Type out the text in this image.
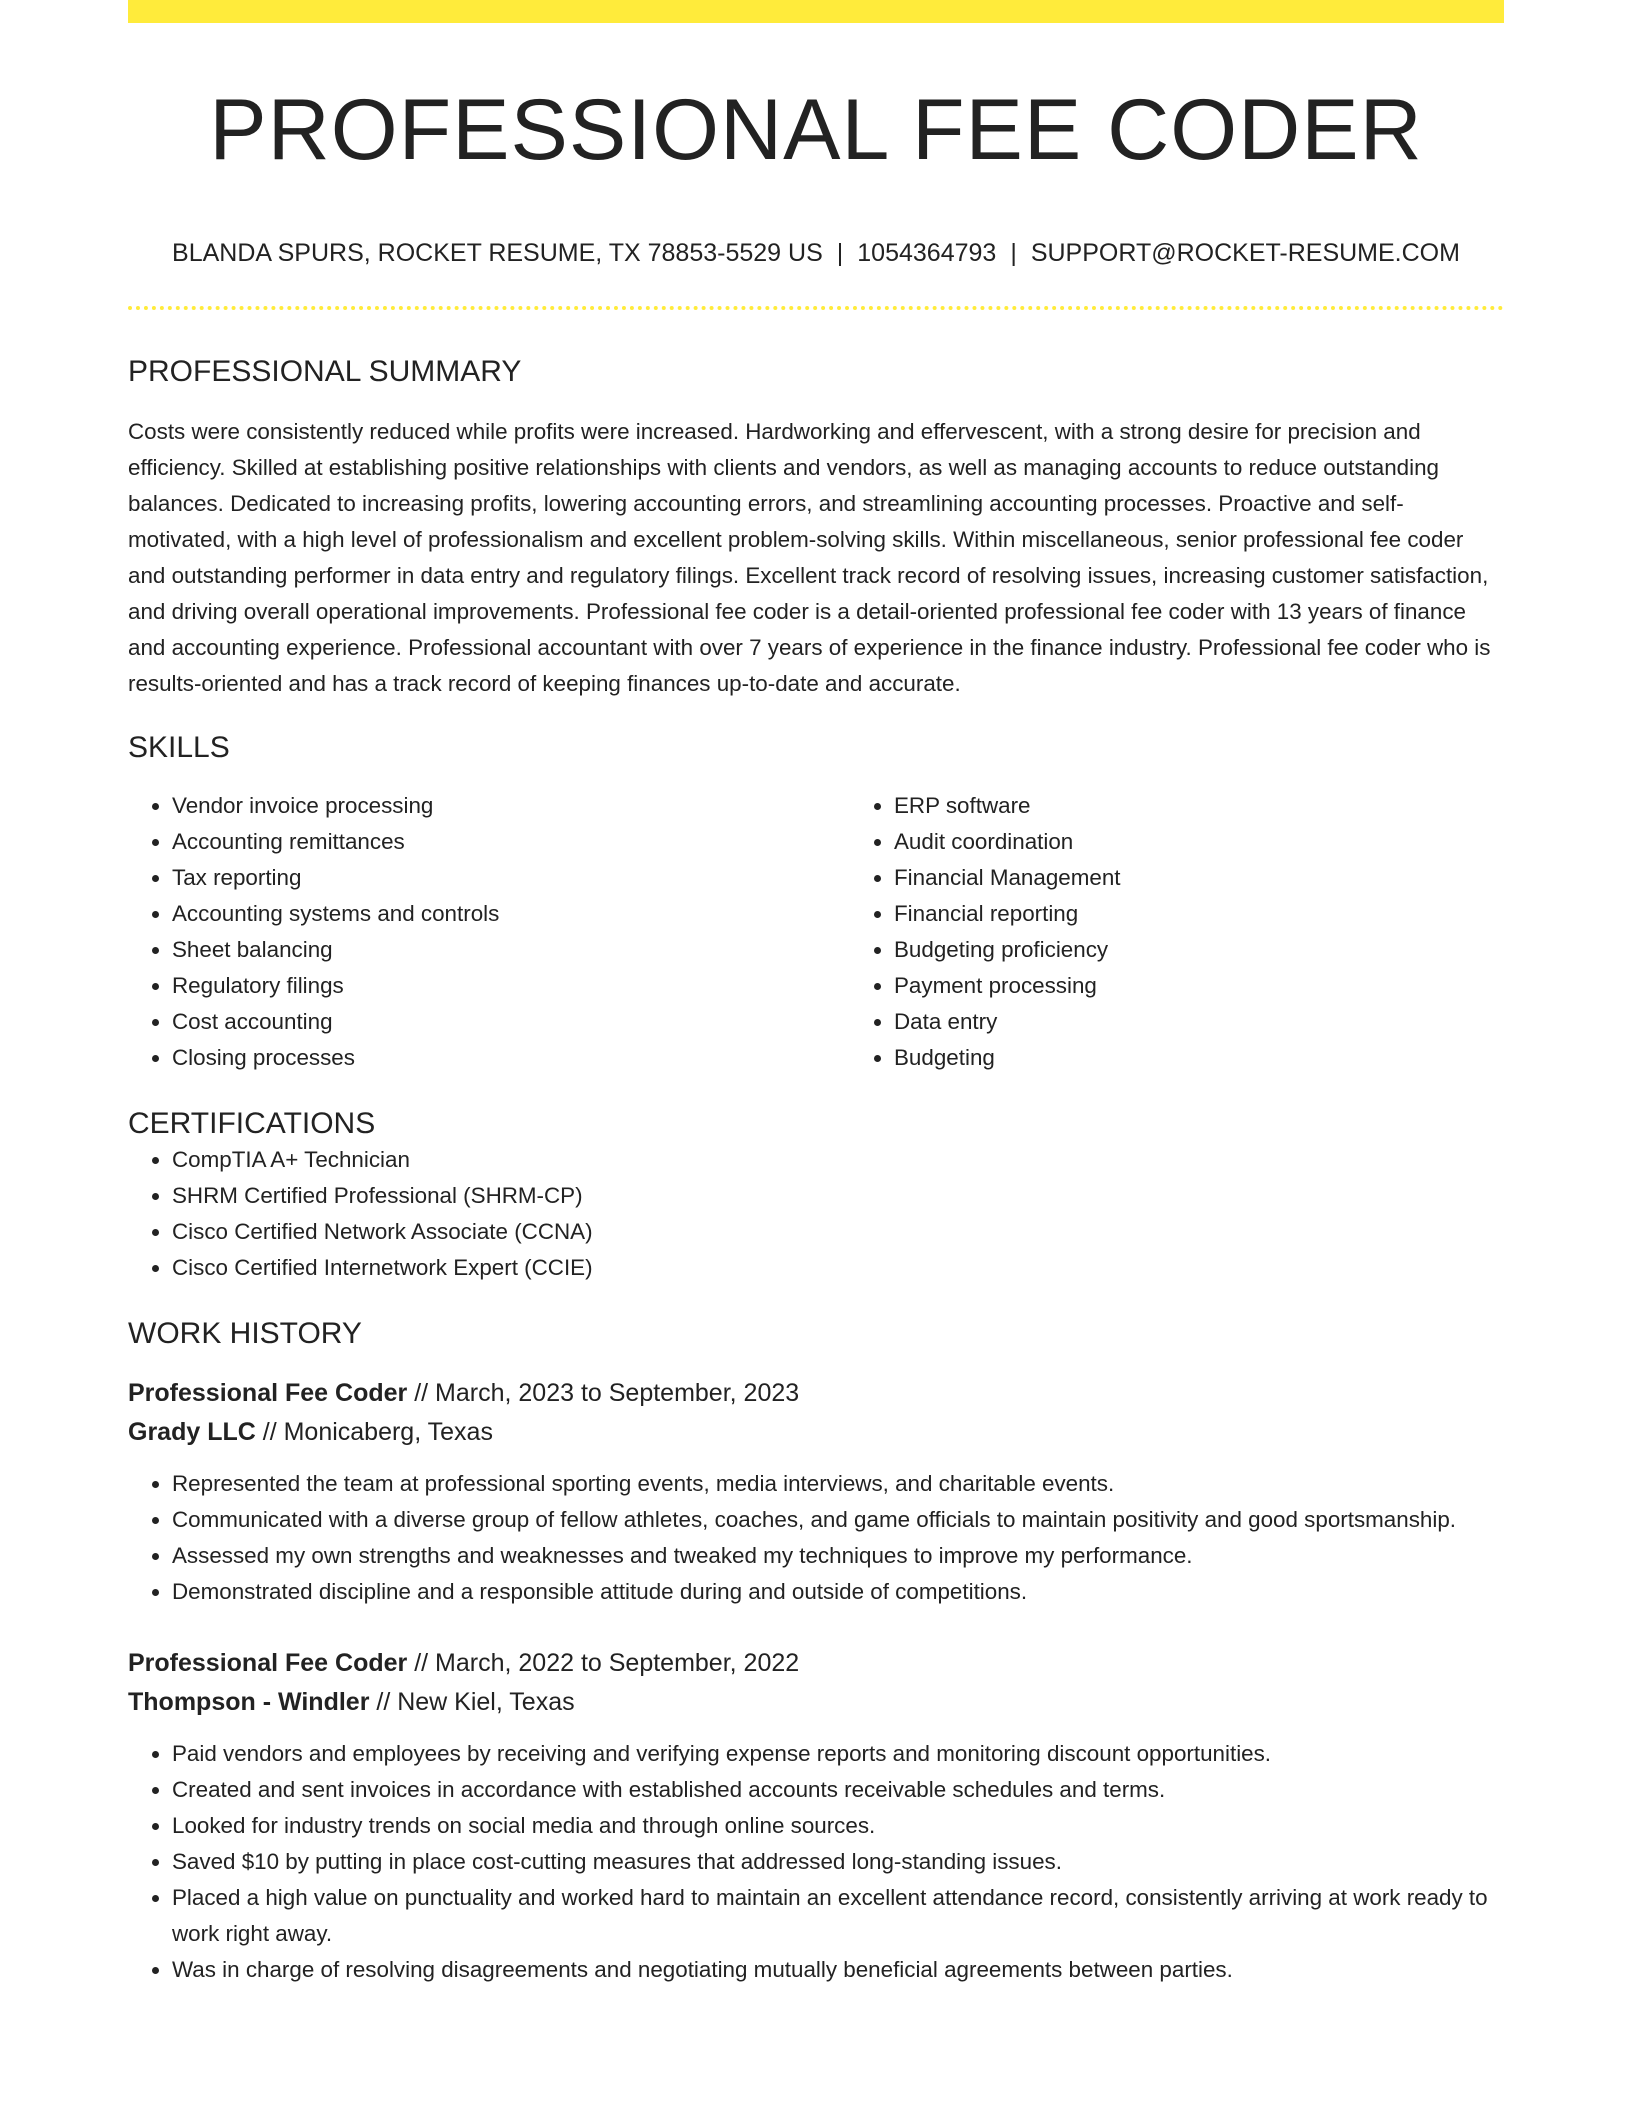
PROFESSIONAL FEE CODER
BLANDA SPURS, ROCKET RESUME, TX 78853-5529 US | 1054364793 | SUPPORT@ROCKET-RESUME.COM
PROFESSIONAL SUMMARY
Costs were consistently reduced while profits were increased. Hardworking and effervescent, with a strong desire for precision and efficiency. Skilled at establishing positive relationships with clients and vendors, as well as managing accounts to reduce outstanding balances. Dedicated to increasing profits, lowering accounting errors, and streamlining accounting processes. Proactive and self-motivated, with a high level of professionalism and excellent problem-solving skills. Within miscellaneous, senior professional fee coder and outstanding performer in data entry and regulatory filings. Excellent track record of resolving issues, increasing customer satisfaction, and driving overall operational improvements. Professional fee coder is a detail-oriented professional fee coder with 13 years of finance and accounting experience. Professional accountant with over 7 years of experience in the finance industry. Professional fee coder who is results-oriented and has a track record of keeping finances up-to-date and accurate.
SKILLS
• Vendor invoice processing
• Accounting remittances
• Tax reporting
• Accounting systems and controls
• Sheet balancing
• Regulatory filings
• Cost accounting
• Closing processes
• ERP software
• Audit coordination
• Financial Management
• Financial reporting
• Budgeting proficiency
• Payment processing
• Data entry
• Budgeting
CERTIFICATIONS
• CompTIA A+ Technician
• SHRM Certified Professional (SHRM-CP)
• Cisco Certified Network Associate (CCNA)
• Cisco Certified Internetwork Expert (CCIE)
WORK HISTORY
Professional Fee Coder // March, 2023 to September, 2023
Grady LLC // Monicaberg, Texas
• Represented the team at professional sporting events, media interviews, and charitable events.
• Communicated with a diverse group of fellow athletes, coaches, and game officials to maintain positivity and good sportsmanship.
• Assessed my own strengths and weaknesses and tweaked my techniques to improve my performance.
• Demonstrated discipline and a responsible attitude during and outside of competitions.
Professional Fee Coder // March, 2022 to September, 2022
Thompson - Windler // New Kiel, Texas
• Paid vendors and employees by receiving and verifying expense reports and monitoring discount opportunities.
• Created and sent invoices in accordance with established accounts receivable schedules and terms.
• Looked for industry trends on social media and through online sources.
• Saved $10 by putting in place cost-cutting measures that addressed long-standing issues.
• Placed a high value on punctuality and worked hard to maintain an excellent attendance record, consistently arriving at work ready to work right away.
• Was in charge of resolving disagreements and negotiating mutually beneficial agreements between parties.
